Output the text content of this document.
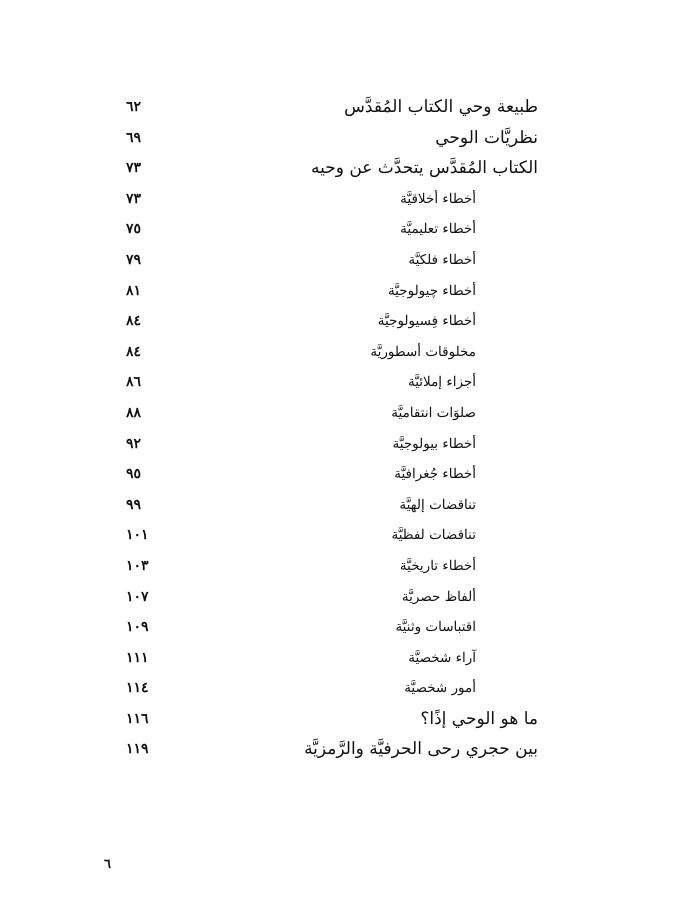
طبيعة وحي الكتاب المُقدَّس
٦٢
نظريَّات الوحي
٦٩
الكتاب المُقدَّس يتحدَّث عن وحيه
٧٣
أخطاء أخلاقيَّة
٧٣
أخطاء تعليميَّة
٧٥
أخطاء فلكيَّة
٧٩
أخطاء چيولوجيَّة
٨١
أخطاء فِسيولوجيَّة
٨٤
مخلوقات أسطوريَّة
٨٤
أجزاء إملائيَّة
٨٦
صلوَات انتقاميَّة
٨٨
أخطاء بيولوجيَّة
٩٢
أخطاء جُغرافيَّة
٩٥
تناقضات إلهيَّة
٩٩
تناقضات لفظيَّة
١٠١
أخطاء تاريخيَّة
١٠٣
ألفاظ حصريَّة
١٠٧
اقتباسات وثنيَّة
١٠٩
آراء شخصيَّة
١١١
أمور شخصيَّة
١١٤
ما هو الوحي إذًا؟
١١٦
بين حجري رحى الحرفيَّة والرَّمزيَّة
١١٩
٦
